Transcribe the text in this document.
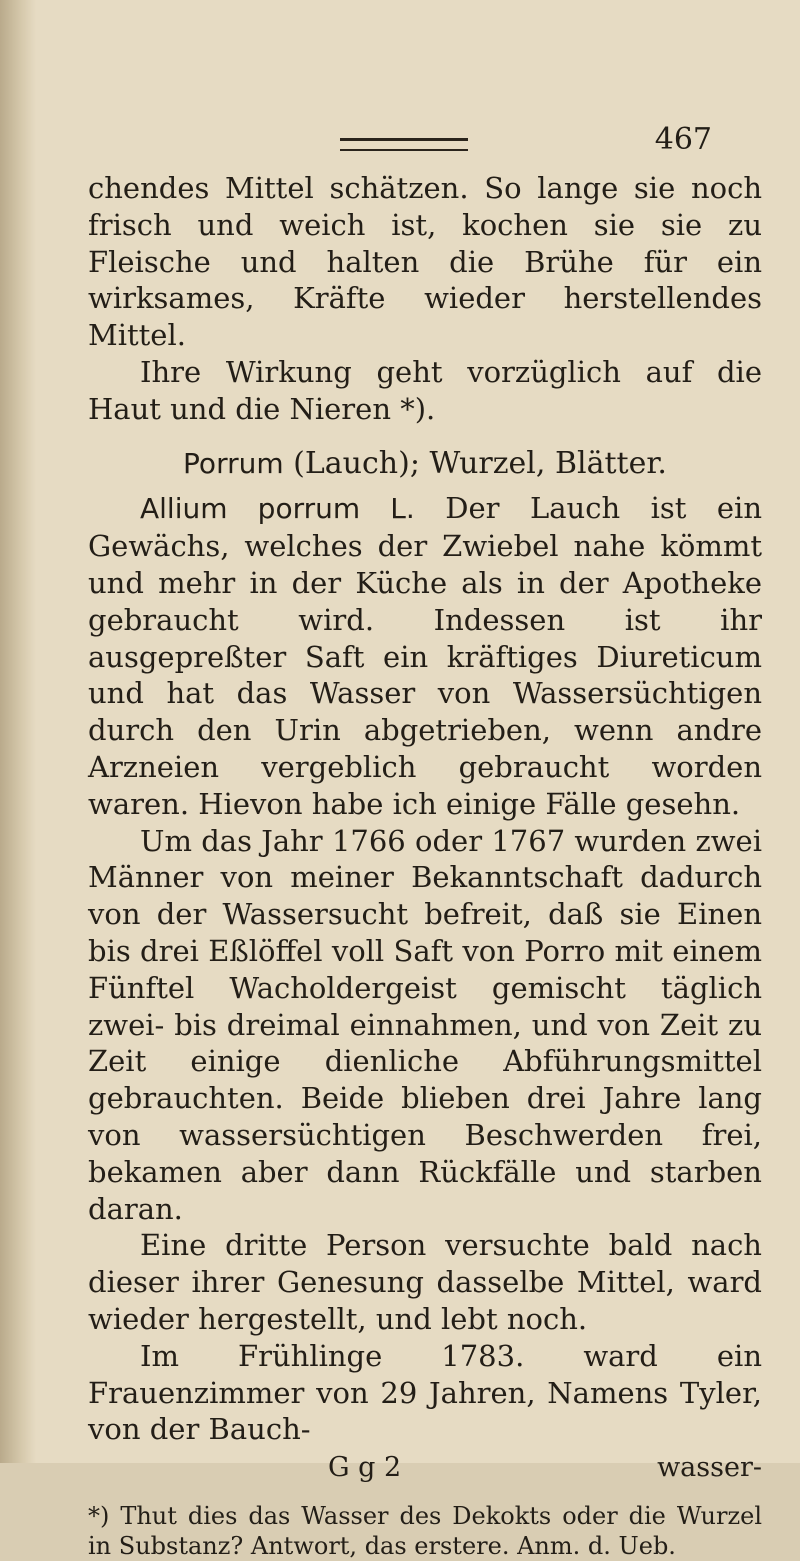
467

chendes Mittel schätzen. So lange sie noch frisch und weich ist, kochen sie sie zu Fleische und halten die Brühe für ein wirksames, Kräfte wieder herstellendes Mittel.

Ihre Wirkung geht vorzüglich auf die Haut und die Nieren *).

Porrum (Lauch); Wurzel, Blätter.

Allium porrum L. Der Lauch ist ein Gewächs, welches der Zwiebel nahe kömmt und mehr in der Küche als in der Apotheke gebraucht wird. Indessen ist ihr ausgepreßter Saft ein kräftiges Diureticum und hat das Wasser von Wassersüchtigen durch den Urin abgetrieben, wenn andre Arzneien vergeblich gebraucht worden waren. Hievon habe ich einige Fälle gesehn.

Um das Jahr 1766 oder 1767 wurden zwei Männer von meiner Bekanntschaft dadurch von der Wassersucht befreit, daß sie Einen bis drei Eßlöffel voll Saft von Porro mit einem Fünftel Wacholdergeist gemischt täglich zwei- bis dreimal einnahmen, und von Zeit zu Zeit einige dienliche Abführungsmittel gebrauchten. Beide blieben drei Jahre lang von wassersüchtigen Beschwerden frei, bekamen aber dann Rückfälle und starben daran.

Eine dritte Person versuchte bald nach dieser ihrer Genesung dasselbe Mittel, ward wieder hergestellt, und lebt noch.

Im Frühlinge 1783. ward ein Frauenzimmer von 29 Jahren, Namens Tyler, von der Bauch-

G g 2	wasser-

*) Thut dies das Wasser des Dekokts oder die Wurzel in Substanz? Antwort, das erstere. Anm. d. Ueb.
